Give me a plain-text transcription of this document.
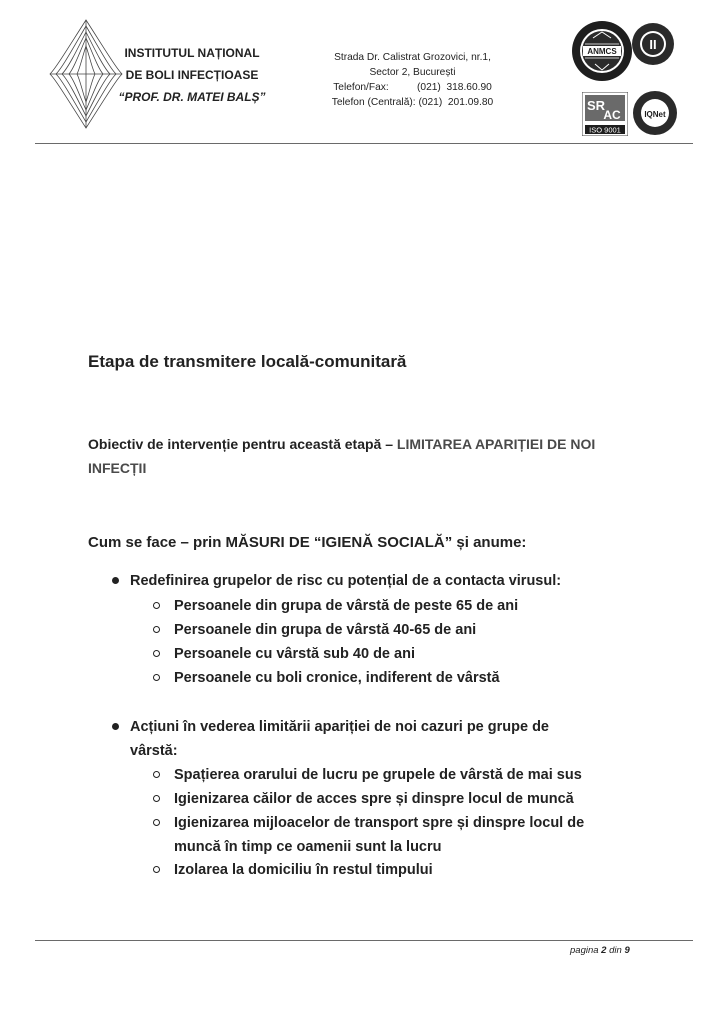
INSTITUTUL NAȚIONAL
DE BOLI INFECȚIOASE
“PROF. DR. MATEI BALȘ”
Strada Dr. Calistrat Grozovici, nr.1,
Sector 2, București
Telefon/Fax:	(021)  318.60.90
Telefon (Centrală): (021)  201.09.80
ANMCS	II
SR
AC
ISO 9001
IQNet
Etapa de transmitere locală-comunitară
Obiectiv de intervenție pentru această etapă – LIMITAREA APARIȚIEI DE NOI
INFECȚII
Cum se face – prin MĂSURI DE “IGIENĂ SOCIALĂ” și anume:
Redefinirea grupelor de risc cu potențial de a contacta virusul:
Persoanele din grupa de vârstă de peste 65 de ani
Persoanele din grupa de vârstă 40-65 de ani
Persoanele cu vârstă sub 40 de ani
Persoanele cu boli cronice, indiferent de vârstă
Acțiuni în vederea limitării apariției de noi cazuri pe grupe de
vârstă:
Spațierea orarului de lucru pe grupele de vârstă de mai sus
Igienizarea căilor de acces spre și dinspre locul de muncă
Igienizarea mijloacelor de transport spre și dinspre locul de
muncă în timp ce oamenii sunt la lucru
Izolarea la domiciliu în restul timpului
pagina 2 din 9
